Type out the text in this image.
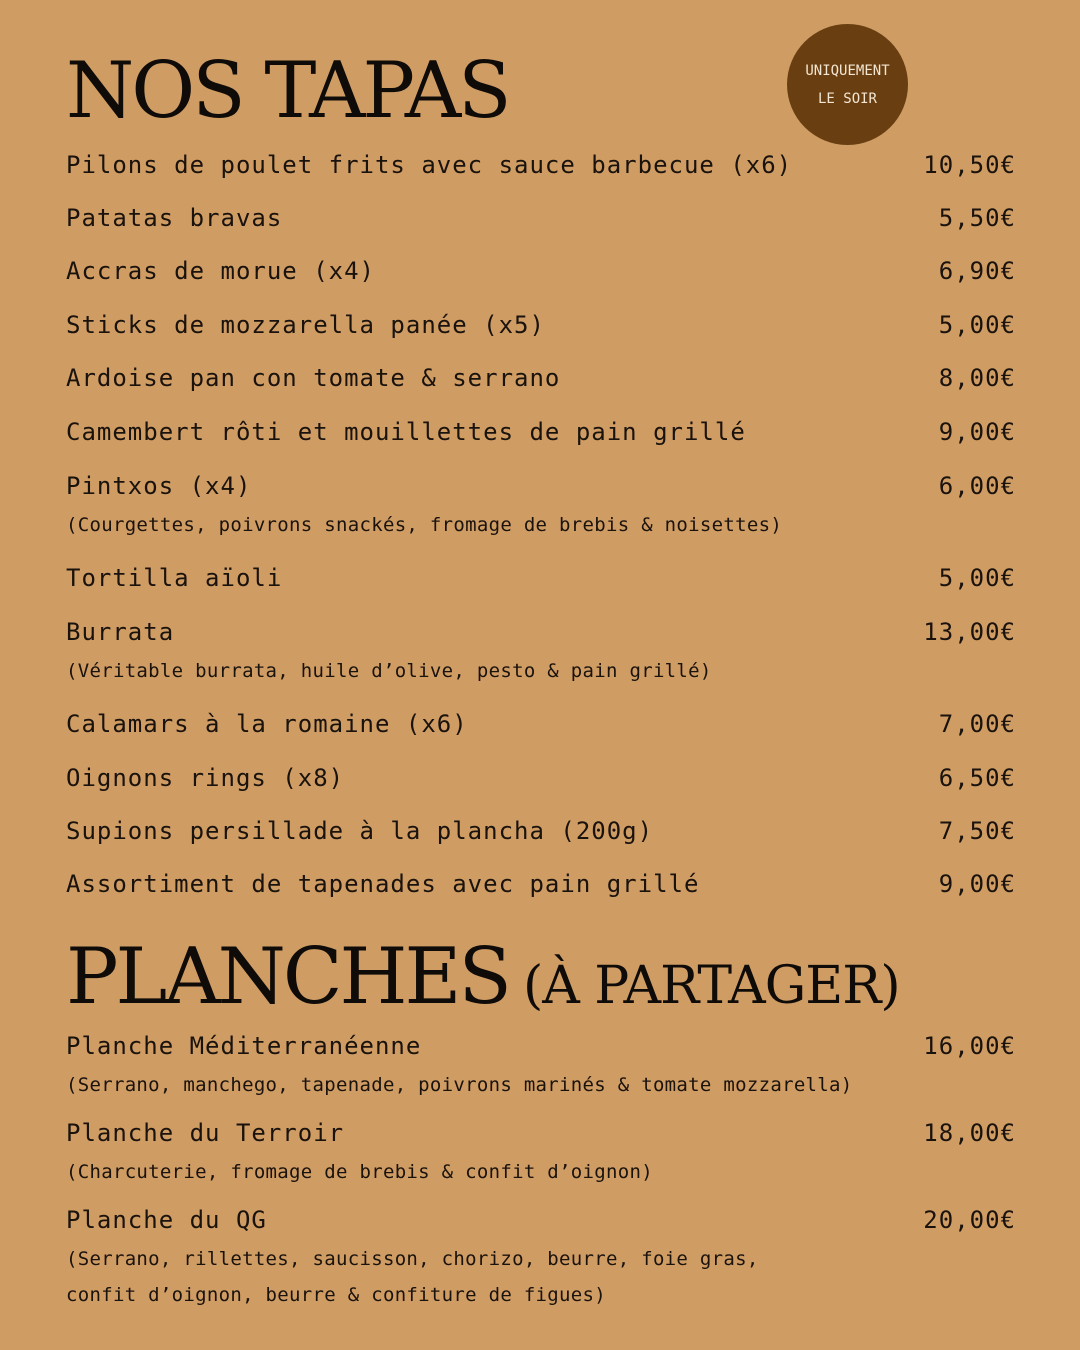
NOS TAPAS	UNIQUEMENT
LE SOIR
Pilons de poulet frits avec sauce barbecue (x6)	10,50€
Patatas bravas	5,50€
Accras de morue (x4)	6,90€
Sticks de mozzarella panée (x5)	5,00€
Ardoise pan con tomate & serrano	8,00€
Camembert rôti et mouillettes de pain grillé	9,00€
Pintxos (x4)	6,00€
(Courgettes, poivrons snackés, fromage de brebis & noisettes)
Tortilla aïoli	5,00€
Burrata	13,00€
(Véritable burrata, huile d’olive, pesto & pain grillé)
Calamars à la romaine (x6)	7,00€
Oignons rings (x8)	6,50€
Supions persillade à la plancha (200g)	7,50€
Assortiment de tapenades avec pain grillé	9,00€
PLANCHES (À PARTAGER)
Planche Méditerranéenne	16,00€
(Serrano, manchego, tapenade, poivrons marinés & tomate mozzarella)
Planche du Terroir	18,00€
(Charcuterie, fromage de brebis & confit d’oignon)
Planche du QG	20,00€
(Serrano, rillettes, saucisson, chorizo, beurre, foie gras, confit d’oignon, beurre & confiture de figues)
